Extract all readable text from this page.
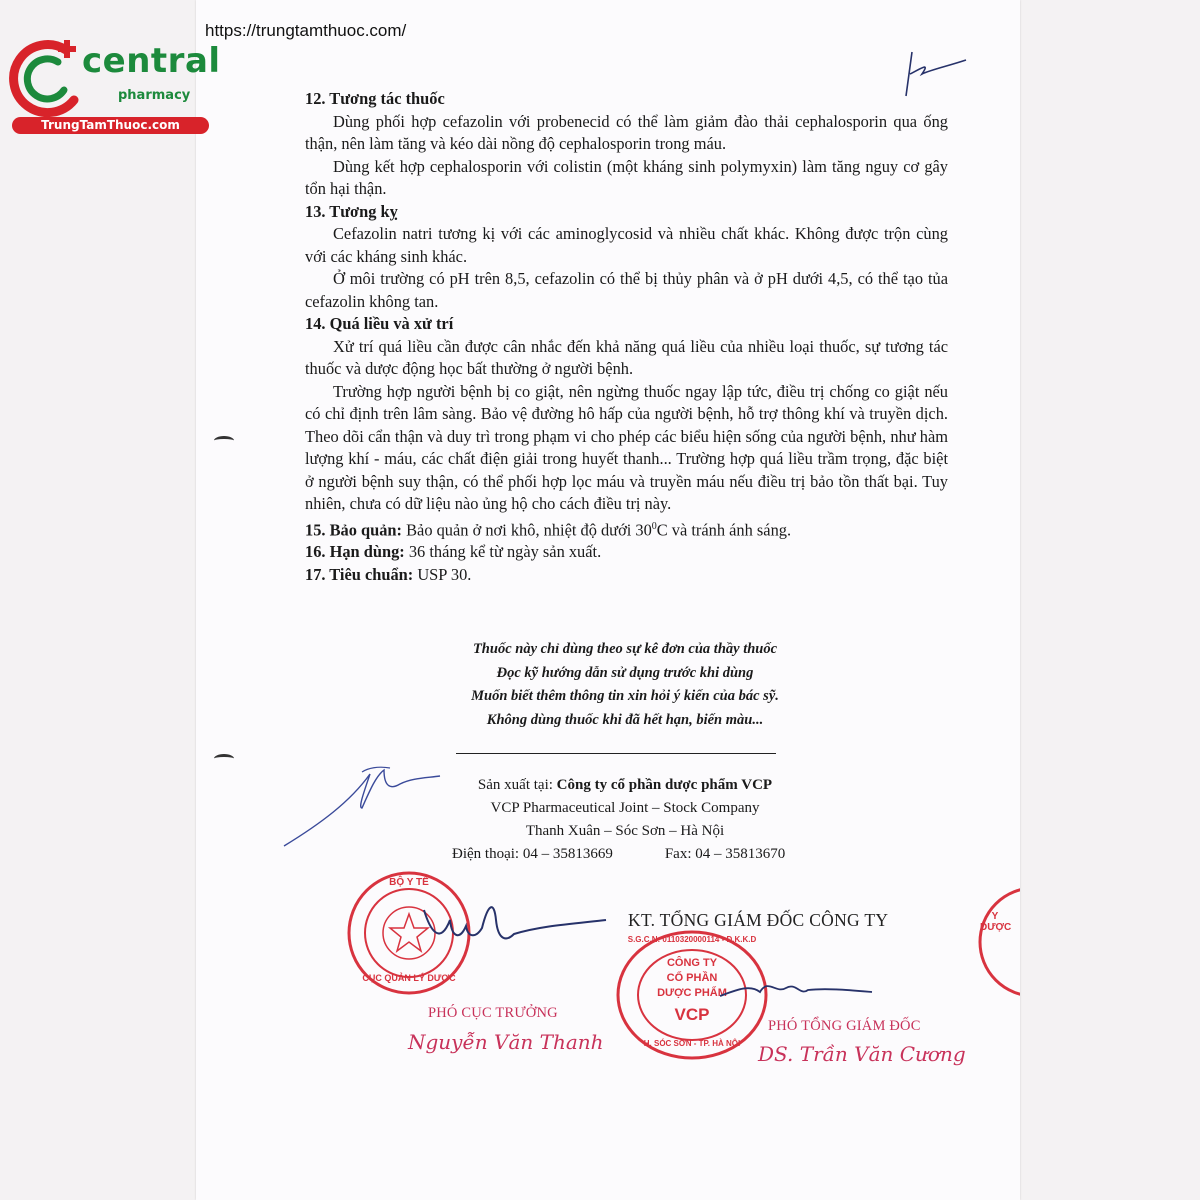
https://trungtamthuoc.com/
central
pharmacy
TrungTamThuoc.com
12. Tương tác thuốc

Dùng phối hợp cefazolin với probenecid có thể làm giảm đào thải cephalosporin qua ống thận, nên làm tăng và kéo dài nồng độ cephalosporin trong máu.

Dùng kết hợp cephalosporin với colistin (một kháng sinh polymyxin) làm tăng nguy cơ gây tổn hại thận.

13. Tương kỵ

Cefazolin natri tương kị với các aminoglycosid và nhiều chất khác. Không được trộn cùng với các kháng sinh khác.

Ở môi trường có pH trên 8,5, cefazolin có thể bị thủy phân và ở pH dưới 4,5, có thể tạo tủa cefazolin không tan.

14. Quá liều và xử trí

Xử trí quá liều cần được cân nhắc đến khả năng quá liều của nhiều loại thuốc, sự tương tác thuốc và dược động học bất thường ở người bệnh.

Trường hợp người bệnh bị co giật, nên ngừng thuốc ngay lập tức, điều trị chống co giật nếu có chỉ định trên lâm sàng. Bảo vệ đường hô hấp của người bệnh, hỗ trợ thông khí và truyền dịch. Theo dõi cẩn thận và duy trì trong phạm vi cho phép các biểu hiện sống của người bệnh, như hàm lượng khí - máu, các chất điện giải trong huyết thanh... Trường hợp quá liều trầm trọng, đặc biệt ở người bệnh suy thận, có thể phối hợp lọc máu và truyền máu nếu điều trị bảo tồn thất bại. Tuy nhiên, chưa có dữ liệu nào ủng hộ cho cách điều trị này.

15. Bảo quản: Bảo quản ở nơi khô, nhiệt độ dưới $30^0C$ và tránh ánh sáng.
16. Hạn dùng: 36 tháng kể từ ngày sản xuất.
17. Tiêu chuẩn: USP 30.
Thuốc này chỉ dùng theo sự kê đơn của thầy thuốc
Đọc kỹ hướng dẫn sử dụng trước khi dùng
Muốn biết thêm thông tin xin hỏi ý kiến của bác sỹ.
Không dùng thuốc khi đã hết hạn, biến màu...
Sản xuất tại: Công ty cổ phần dược phẩm VCP
VCP Pharmaceutical Joint – Stock Company
Thanh Xuân – Sóc Sơn – Hà Nội
Điện thoại: 04 – 35813669	Fax: 04 – 35813670
KT. TỔNG GIÁM ĐỐC CÔNG TY
BỘ Y TẾ
CỤC QUẢN LÝ DƯỢC
PHÓ CỤC TRƯỞNG
Nguyễn Văn Thanh
S.G.C.N: 0110320000114 - Đ.K.K.D
CÔNG TY
CỔ PHẦN
DƯỢC PHẨM
VCP
H. SÓC SƠN - TP. HÀ NỘI
PHÓ TỔNG GIÁM ĐỐC
DS. Trần Văn Cương
Y DƯỢC
